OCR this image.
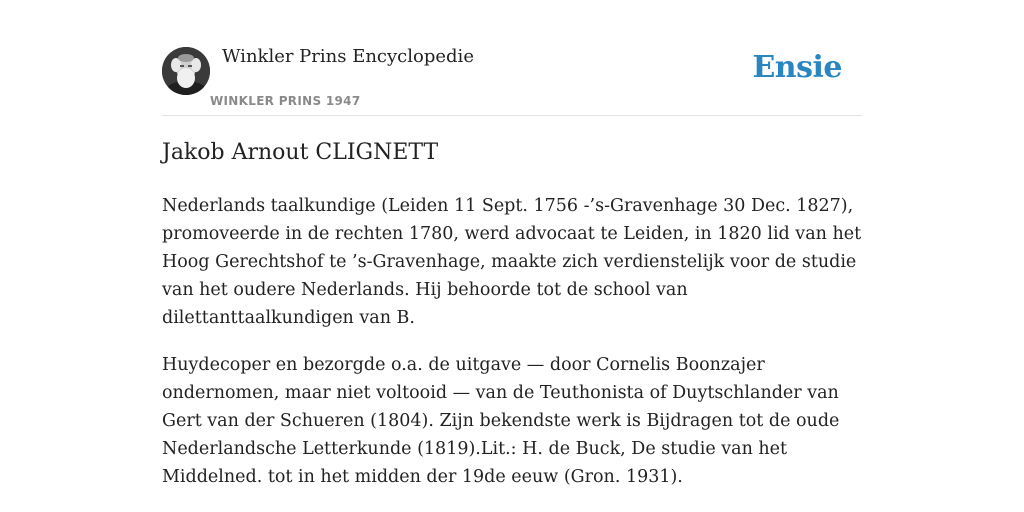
Winkler Prins Encyclopedie
WINKLER PRINS 1947
Ensie
Jakob Arnout CLIGNETT

Nederlands taalkundige (Leiden 11 Sept. 1756 -’s-Gravenhage 30 Dec. 1827), promoveerde in de rechten 1780, werd advocaat te Leiden, in 1820 lid van het Hoog Gerechtshof te ’s-Gravenhage, maakte zich verdienstelijk voor de studie van het oudere Nederlands. Hij behoorde tot de school van dilettanttaalkundigen van B.

Huydecoper en bezorgde o.a. de uitgave — door Cornelis Boonzajer ondernomen, maar niet voltooid — van de Teuthonista of Duytschlander van Gert van der Schueren (1804). Zijn bekendste werk is Bijdragen tot de oude Nederlandsche Letterkunde (1819).Lit.: H. de Buck, De studie van het Middelned. tot in het midden der 19de eeuw (Gron. 1931).
